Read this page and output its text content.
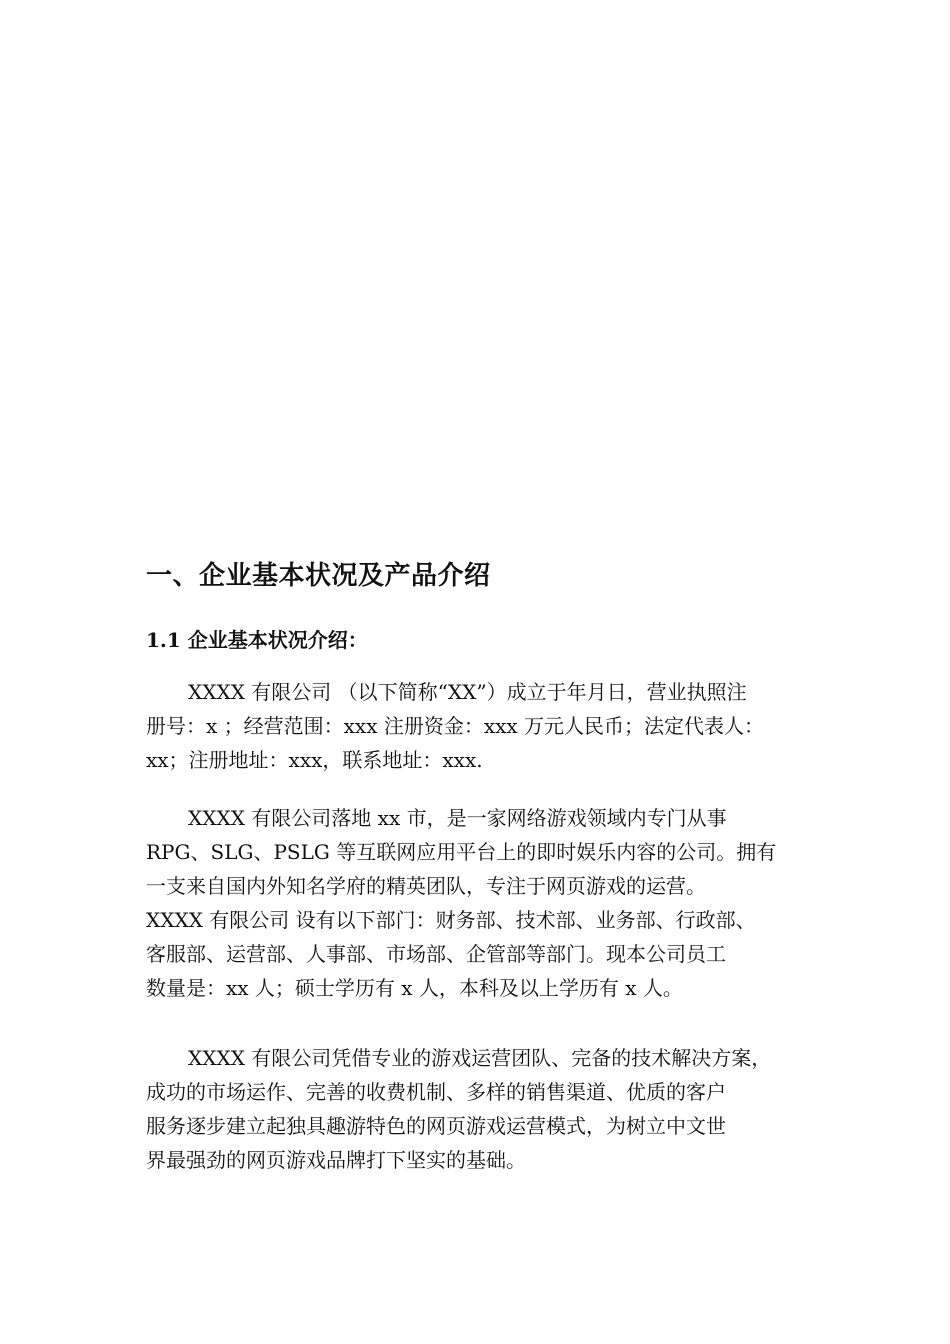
一、企业基本状况及产品介绍
1.1 企业基本状况介绍：

XXXX 有限公司 （以下简称“XX”）成立于年月日，营业执照注
册号：x ；经营范围：xxx 注册资金：xxx 万元人民币；法定代表人：
xx；注册地址：xxx，联系地址：xxx.

XXXX 有限公司落地 xx 市，是一家网络游戏领域内专门从事
RPG、SLG、PSLG 等互联网应用平台上的即时娱乐内容的公司。拥有
一支来自国内外知名学府的精英团队，专注于网页游戏的运营。
XXXX 有限公司 设有以下部门：财务部、技术部、业务部、行政部、
客服部、运营部、人事部、市场部、企管部等部门。现本公司员工
数量是：xx 人；硕士学历有 x 人，本科及以上学历有 x 人。

XXXX 有限公司凭借专业的游戏运营团队、完备的技术解决方案，
成功的市场运作、完善的收费机制、多样的销售渠道、优质的客户
服务逐步建立起独具趣游特色的网页游戏运营模式，为树立中文世
界最强劲的网页游戏品牌打下坚实的基础。
